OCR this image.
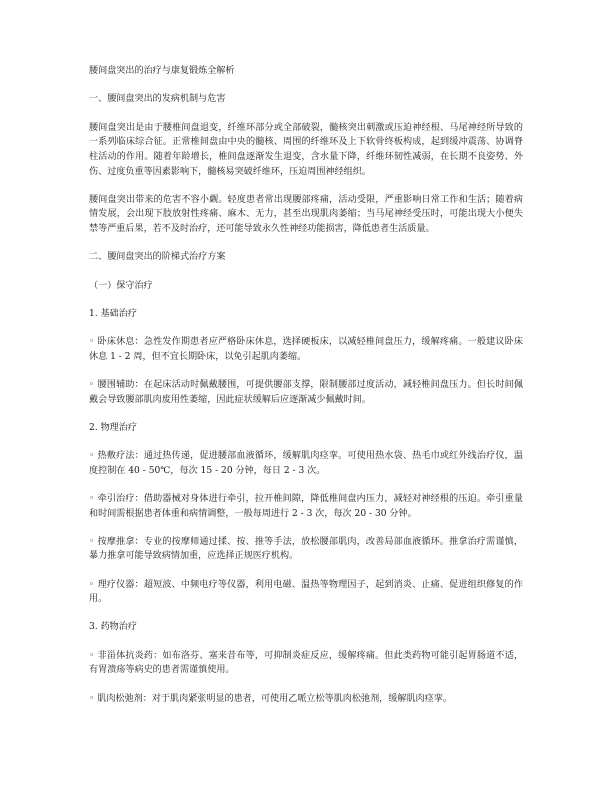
腰间盘突出的治疗与康复锻炼全解析

一、腰间盘突出的发病机制与危害

腰间盘突出是由于腰椎间盘退变，纤维环部分或全部破裂，髓核突出刺激或压迫神经根、马尾神经所导致的一系列临床综合征。正常椎间盘由中央的髓核、周围的纤维环及上下软骨终板构成，起到缓冲震荡、协调脊柱活动的作用。随着年龄增长，椎间盘逐渐发生退变，含水量下降，纤维环韧性减弱，在长期不良姿势、外伤、过度负重等因素影响下，髓核易突破纤维环，压迫周围神经组织。

腰间盘突出带来的危害不容小觑。轻度患者常出现腰部疼痛，活动受限，严重影响日常工作和生活；随着病情发展，会出现下肢放射性疼痛、麻木、无力，甚至出现肌肉萎缩；当马尾神经受压时，可能出现大小便失禁等严重后果，若不及时治疗，还可能导致永久性神经功能损害，降低患者生活质量。

二、腰间盘突出的阶梯式治疗方案

（一）保守治疗

1. 基础治疗

◦ 卧床休息：急性发作期患者应严格卧床休息，选择硬板床，以减轻椎间盘压力，缓解疼痛。一般建议卧床休息 1 - 2 周，但不宜长期卧床，以免引起肌肉萎缩。

◦ 腰围辅助：在起床活动时佩戴腰围，可提供腰部支撑，限制腰部过度活动，减轻椎间盘压力。但长时间佩戴会导致腰部肌肉废用性萎缩，因此症状缓解后应逐渐减少佩戴时间。

2. 物理治疗

◦ 热敷疗法：通过热传递，促进腰部血液循环，缓解肌肉痉挛。可使用热水袋、热毛巾或红外线治疗仪，温度控制在 40 - 50℃，每次 15 - 20 分钟，每日 2 - 3 次。

◦ 牵引治疗：借助器械对身体进行牵引，拉开椎间隙，降低椎间盘内压力，减轻对神经根的压迫。牵引重量和时间需根据患者体重和病情调整，一般每周进行 2 - 3 次，每次 20 - 30 分钟。

◦ 按摩推拿：专业的按摩师通过揉、按、推等手法，放松腰部肌肉，改善局部血液循环。推拿治疗需谨慎，暴力推拿可能导致病情加重，应选择正规医疗机构。

◦ 理疗仪器：超短波、中频电疗等仪器，利用电磁、温热等物理因子，起到消炎、止痛、促进组织修复的作用。

3. 药物治疗

◦ 非甾体抗炎药：如布洛芬、塞来昔布等，可抑制炎症反应，缓解疼痛。但此类药物可能引起胃肠道不适，有胃溃疡等病史的患者需谨慎使用。

◦ 肌肉松弛剂：对于肌肉紧张明显的患者，可使用乙哌立松等肌肉松弛剂，缓解肌肉痉挛。
